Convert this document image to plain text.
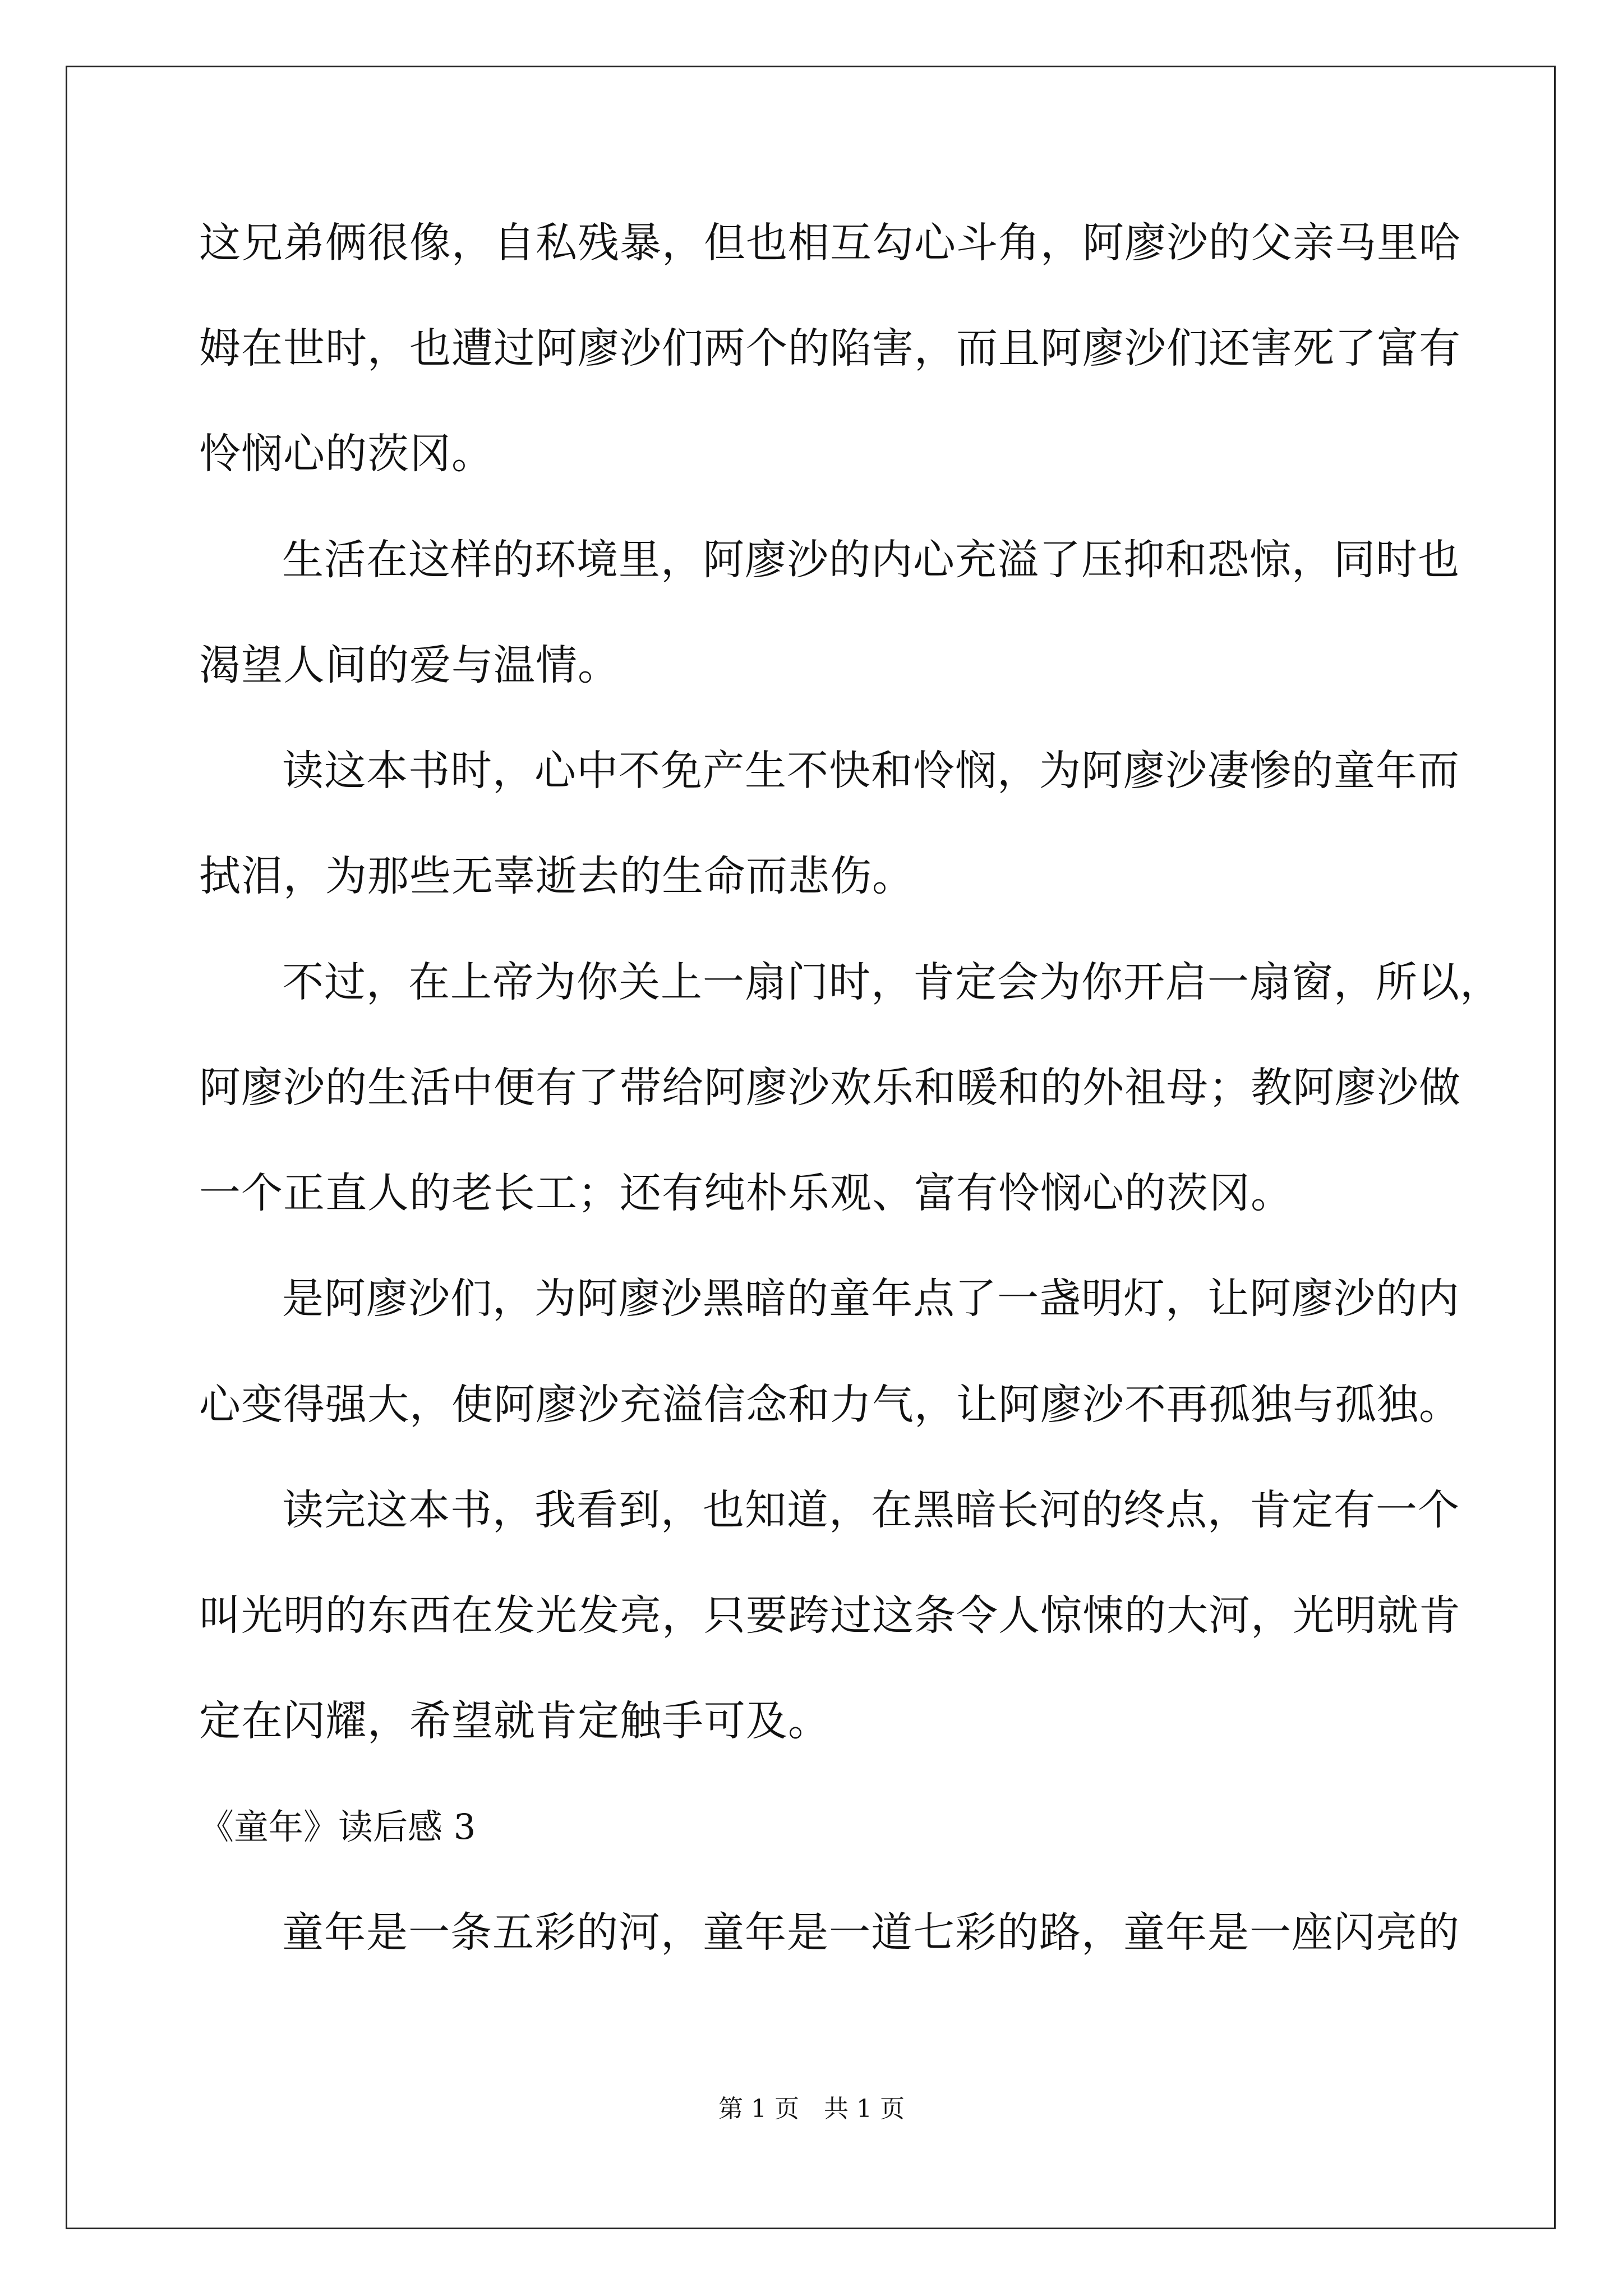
这兄弟俩很像，自私残暴，但也相互勾心斗角，阿廖沙的父亲马里哈
姆在世时，也遭过阿廖沙们两个的陷害，而且阿廖沙们还害死了富有
怜悯心的茨冈。
生活在这样的环境里，阿廖沙的内心充溢了压抑和恐惊，同时也
渴望人间的爱与温情。
读这本书时，心中不免产生不快和怜悯，为阿廖沙凄惨的童年而
拭泪，为那些无辜逝去的生命而悲伤。
不过，在上帝为你关上一扇门时，肯定会为你开启一扇窗，所以，
阿廖沙的生活中便有了带给阿廖沙欢乐和暖和的外祖母；教阿廖沙做
一个正直人的老长工；还有纯朴乐观、富有怜悯心的茨冈。
是阿廖沙们，为阿廖沙黑暗的童年点了一盏明灯，让阿廖沙的内
心变得强大，使阿廖沙充溢信念和力气，让阿廖沙不再孤独与孤独。
读完这本书，我看到，也知道，在黑暗长河的终点，肯定有一个
叫光明的东西在发光发亮，只要跨过这条令人惊悚的大河，光明就肯
定在闪耀，希望就肯定触手可及。
《童年》读后感 3
童年是一条五彩的河，童年是一道七彩的路，童年是一座闪亮的
第 1 页　共 1 页
